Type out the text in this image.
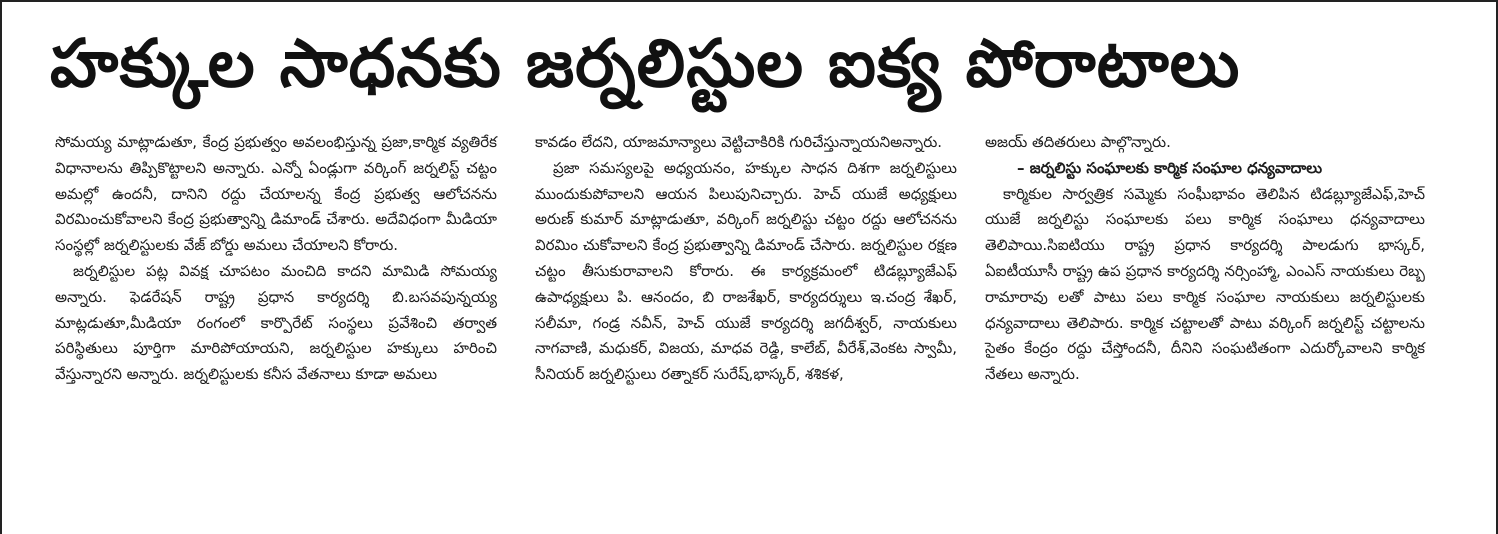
హక్కుల సాధనకు జర్నలిస్టుల ఐక్య పోరాటాలు

సోమయ్య మాట్లాడుతూ, కేంద్ర ప్రభుత్వం అవలంభిస్తున్న ప్రజా,కార్మిక వ్యతిరేక విధానాలను తిప్పికొట్టాలని అన్నారు. ఎన్నో ఏండ్లుగా వర్కింగ్ జర్నలిస్ట్ చట్టం అమల్లో ఉందనీ, దానిని రద్దు చేయాలన్న కేంద్ర ప్రభుత్వ ఆలోచనను విరమించుకోవాలని కేంద్ర ప్రభుత్వాన్ని డిమాండ్ చేశారు. అదేవిధంగా మీడియా సంస్థల్లో జర్నలిస్టులకు వేజ్ బోర్డు అమలు చేయాలని కోరారు.

జర్నలిస్టుల పట్ల వివక్ష చూపటం మంచిది కాదని మామిడి సోమయ్య అన్నారు. ఫెడరేషన్ రాష్ట్ర ప్రధాన కార్యదర్శి బి.బసవపున్నయ్య మాట్లడుతూ,మీడియా రంగంలో కార్పొరేట్ సంస్థలు ప్రవేశించి తర్వాత పరిస్థితులు పూర్తిగా మారిపోయాయని, జర్నలిస్టుల హక్కులు హరించి వేస్తున్నారని అన్నారు. జర్నలిస్టులకు కనీస వేతనాలు కూడా అమలు

కావడం లేదని, యాజమాన్యాలు వెట్టిచాకిరికి గురిచేస్తున్నాయనిఅన్నారు.

ప్రజా సమస్యలపై అధ్యయనం, హక్కుల సాధన దిశగా జర్నలిస్టులు ముందుకుపోవాలని ఆయన పిలుపునిచ్చారు. హెచ్ యుజే అధ్యక్షులు అరుణ్ కుమార్ మాట్లాడుతూ, వర్కింగ్ జర్నలిస్టు చట్టం రద్దు ఆలోచనను విరమిం చుకోవాలని కేంద్ర ప్రభుత్వాన్ని డిమాండ్ చేసారు. జర్నలిస్టుల రక్షణ చట్టం తీసుకురావాలని కోరారు. ఈ కార్యక్రమంలో టిడబ్ల్యూజేఎఫ్ ఉపాధ్యక్షులు పి. ఆనందం, బి రాజశేఖర్, కార్యదర్శులు ఇ.చంద్ర శేఖర్, సలీమా, గండ్ర నవీన్, హెచ్ యుజే కార్యదర్శి జగదీశ్వర్, నాయకులు నాగవాణి, మధుకర్, విజయ, మాధవ రెడ్డి, కాలేబ్, వీరేశ్,వెంకట స్వామీ, సీనియర్ జర్నలిస్టులు రత్నాకర్ సురేష్,భాస్కర్, శశికళ,

అజయ్ తదితరులు పాల్గొన్నారు.

– జర్నలిస్టు సంఘాలకు కార్మిక సంఘాల ధన్యవాదాలు

కార్మికుల సార్వత్రిక సమ్మెకు సంఘీభావం తెలిపిన టిడబ్ల్యూజేఎఫ్,హెచ్ యుజే జర్నలిస్టు సంఘాలకు పలు కార్మిక సంఘాలు ధన్యవాదాలు తెలిపాయి.సిఐటియు రాష్ట్ర ప్రధాన కార్యదర్శి పాలడుగు భాస్కర్, ఏఐటీయూసీ రాష్ట్ర ఉప ప్రధాన కార్యదర్శి నర్సింహ్మా, ఎంఎస్ నాయకులు రెబ్బ రామారావు లతో పాటు పలు కార్మిక సంఘాల నాయకులు జర్నలిస్టులకు ధన్యవాదాలు తెలిపారు. కార్మిక చట్టాలతో పాటు వర్కింగ్ జర్నలిస్ట్ చట్టాలను సైతం కేంద్రం రద్దు చేస్తోందనీ, దీనిని సంఘటితంగా ఎదుర్కోవాలని కార్మిక నేతలు అన్నారు.
